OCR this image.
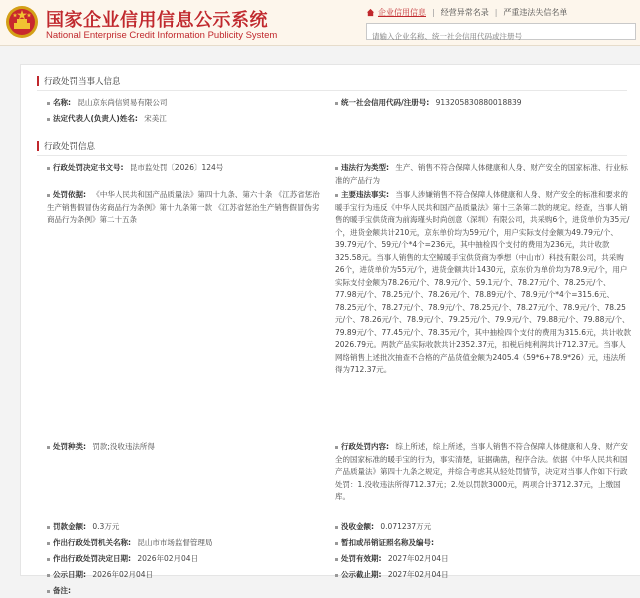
国家企业信用信息公示系统
National Enterprise Credit Information Publicity System
企业信用信息 | 经营异常名录 | 严重违法失信名单
请输入企业名称、统一社会信用代码或注册号
行政处罚当事人信息
名称: 昆山京东尚信贸易有限公司	统一社会信用代码/注册号: 913205830880018839
法定代表人(负责人)姓名: 宋美江
行政处罚信息
行政处罚决定书文号: 昆市监处罚〔2026〕124号	违法行为类型: 生产、销售不符合保障人体健康和人身、财产安全的国家标准、行业标准的产品行为
处罚依据: 《中华人民共和国产品质量法》第四十九条、第六十条 《江苏省惩治生产销售假冒伪劣商品行为条例》第十九条第一款 《江苏省惩治生产销售假冒伪劣商品行为条例》第二十五条
主要违法事实: 当事人涉嫌销售不符合保障人体健康和人身、财产安全的标准和要求的暖手宝行为违反《中华人民共和国产品质量法》第十三条第二款的规定。经查，当事人销售的暖手宝供货商为前海瑾头时尚创意（深圳）有限公司，共采购6个，进货单价为35元/个，进货金额共计210元，京东单价均为59元/个，用户实际支付金额为49.79元/个、39.79元/个、59元/个*4个=236元，其中抽检四个支付的费用为236元，共计收款325.58元。当事人销售的太空鲸暖手宝供货商为季想（中山市）科技有限公司，共采购26个，进货单价为55元/个，进货金额共计1430元，京东价为单价均为78.9元/个，用户实际支付金额为78.26元/个、78.9元/个、59.1元/个、78.27元/个、78.25元/个、77.98元/个、78.25元/个、78.26元/个、78.89元/个、78.9元/个*4个=315.6元、78.25元/个、78.27元/个、78.9元/个、78.25元/个、78.27元/个、78.9元/个、78.25元/个、78.26元/个、78.9元/个、79.25元/个、79.9元/个、79.88元/个、79.88元/个、79.89元/个、77.45元/个、78.35元/个，其中抽检四个支付的费用为315.6元，共计收款2026.79元。两款产品实际收款共计2352.37元，扣税后纯利润共计712.37元。当事人网络销售上述批次抽查不合格的产品货值金额为2405.4（59*6+78.9*26）元，违法所得为712.37元。
处罚种类: 罚款;没收违法所得	行政处罚内容: 综上所述，综上所述，当事人销售不符合保障人体健康和人身、财产安全的国家标准的暖手宝的行为，事实清楚，证据确凿，程序合法。依据《中华人民共和国产品质量法》第四十九条之规定，并综合考虑其从轻处罚情节，决定对当事人作如下行政处罚：1.没收违法所得712.37元；2.处以罚款3000元，两项合计3712.37元，上缴国库。
罚款金额: 0.3万元	没收金额: 0.071237万元
作出行政处罚机关名称: 昆山市市场监督管理局	暂扣或吊销证照名称及编号:
作出行政处罚决定日期: 2026年02月04日	处罚有效期: 2027年02月04日
公示日期: 2026年02月04日	公示截止期: 2027年02月04日
备注:
